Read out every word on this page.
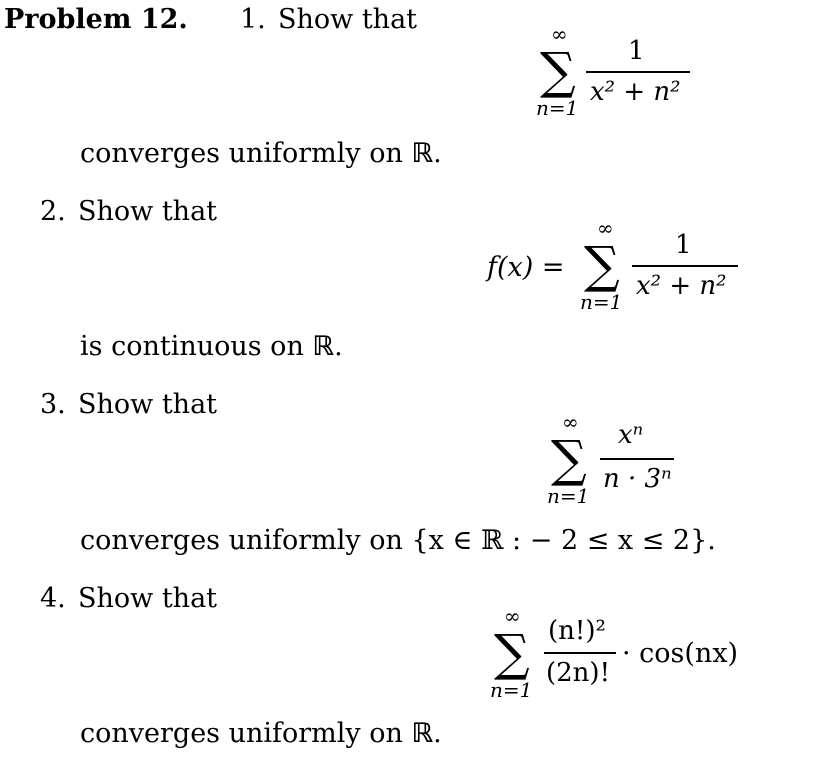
Problem 12. 1. Show that	∞
∑
n=1
1
x² + n²
converges uniformly on ℝ.
2. Show that
f(x) =
∞
∑
n=1
1
x² + n²
is continuous on ℝ.
3. Show that
∞
∑
n=1
xⁿ
n · 3ⁿ
converges uniformly on {x ∈ ℝ : − 2 ≤ x ≤ 2}.
4. Show that
∞
∑
n=1
(n!)²
(2n)!
· cos(nx)
converges uniformly on ℝ.
